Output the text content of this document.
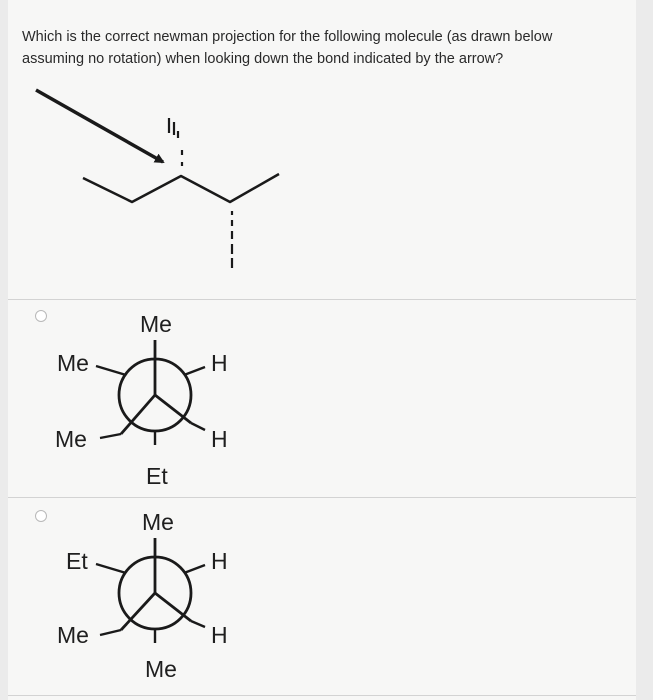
Which is the correct newman projection for the following molecule (as drawn below assuming no rotation) when looking down the bond indicated by the arrow?
Me
Me	H
Me	H
Et
Me
Et	H
Me	H
Me
